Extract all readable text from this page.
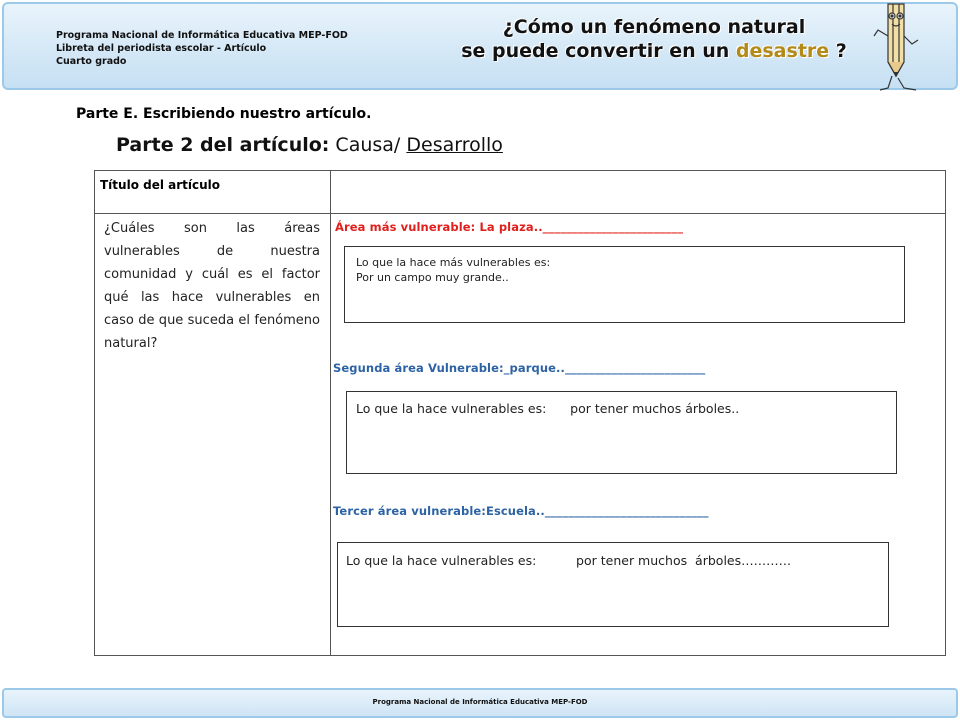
Programa Nacional de Informática Educativa MEP-FOD
Libreta del periodista escolar - Artículo
Cuarto grado
¿Cómo un fenómeno natural
se puede convertir en un desastre ?
Parte E. Escribiendo nuestro artículo.
Parte 2 del artículo: Causa/ Desarrollo
Título del artículo
¿Cuáles son las áreas vulnerables de nuestra comunidad y cuál es el factor qué las hace vulnerables en caso de que suceda el fenómeno natural?
Área más vulnerable: La plaza..________________________
Lo que la hace más vulnerables es:
Por un campo muy grande..
Segunda área Vulnerable:_parque..________________________
Lo que la hace vulnerables es:      por tener muchos árboles..
Tercer área vulnerable:Escuela..____________________________
Lo que la hace vulnerables es:          por tener muchos  árboles…………
Programa Nacional de Informática Educativa MEP-FOD
